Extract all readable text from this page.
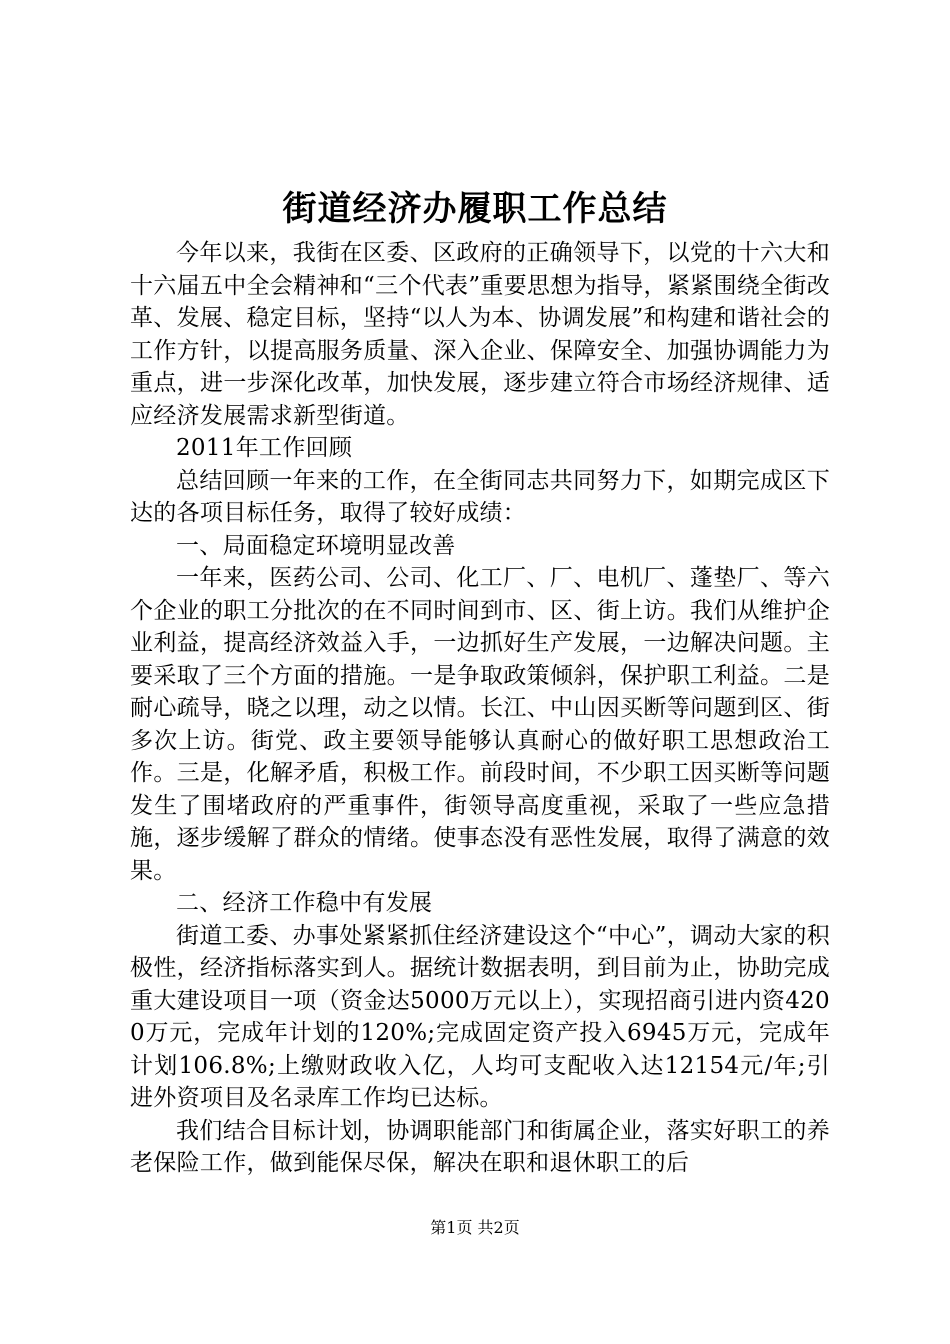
街道经济办履职工作总结

今年以来，我街在区委、区政府的正确领导下，以党的十六大和十六届五中全会精神和“三个代表”重要思想为指导，紧紧围绕全街改革、发展、稳定目标，坚持“以人为本、协调发展”和构建和谐社会的工作方针，以提高服务质量、深入企业、保障安全、加强协调能力为重点，进一步深化改革，加快发展，逐步建立符合市场经济规律、适应经济发展需求新型街道。

2011年工作回顾

总结回顾一年来的工作，在全街同志共同努力下，如期完成区下达的各项目标任务，取得了较好成绩：

一、局面稳定环境明显改善

一年来，医药公司、公司、化工厂、厂、电机厂、蓬垫厂、等六个企业的职工分批次的在不同时间到市、区、街上访。我们从维护企业利益，提高经济效益入手，一边抓好生产发展，一边解决问题。主要采取了三个方面的措施。一是争取政策倾斜，保护职工利益。二是耐心疏导，晓之以理，动之以情。长江、中山因买断等问题到区、街多次上访。街党、政主要领导能够认真耐心的做好职工思想政治工作。三是，化解矛盾，积极工作。前段时间，不少职工因买断等问题发生了围堵政府的严重事件，街领导高度重视，采取了一些应急措施，逐步缓解了群众的情绪。使事态没有恶性发展，取得了满意的效果。

二、经济工作稳中有发展

街道工委、办事处紧紧抓住经济建设这个“中心”，调动大家的积极性，经济指标落实到人。据统计数据表明，到目前为止，协助完成重大建设项目一项（资金达5000万元以上），实现招商引进内资4200万元，完成年计划的120%;完成固定资产投入6945万元，完成年计划106.8%;上缴财政收入亿，人均可支配收入达12154元/年;引进外资项目及名录库工作均已达标。

我们结合目标计划，协调职能部门和街属企业，落实好职工的养老保险工作，做到能保尽保，解决在职和退休职工的后

第1页 共2页
